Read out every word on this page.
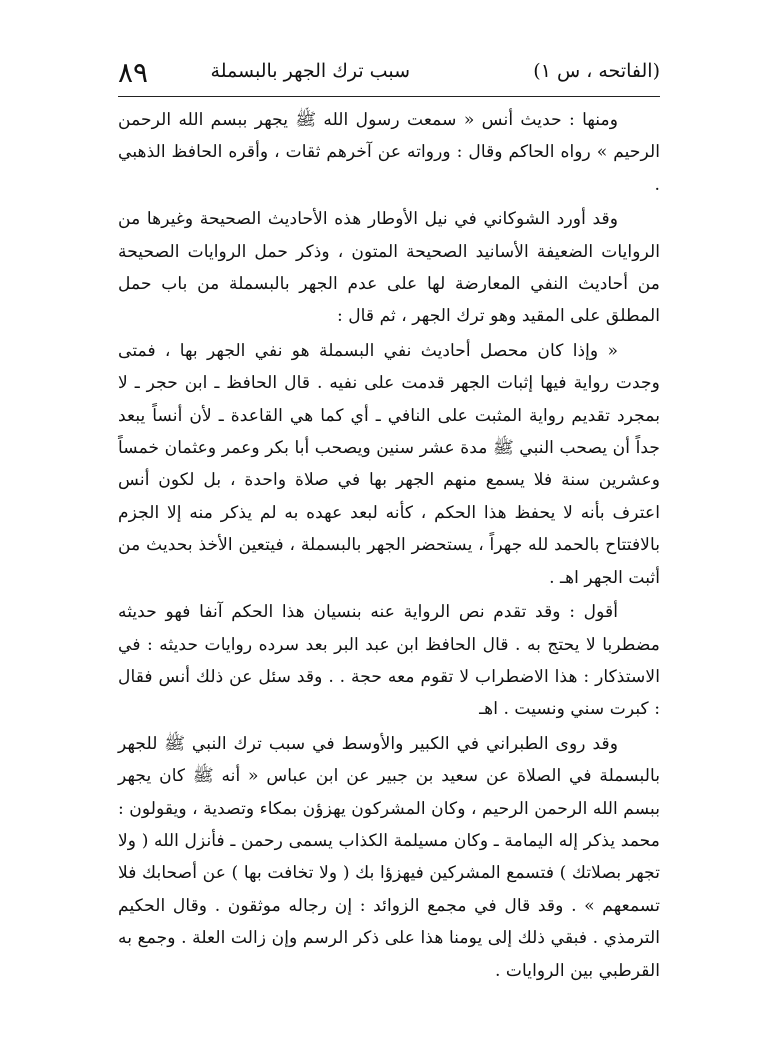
(الفاتحه ، س ١)
سبب ترك الجهر بالبسملة
٨٩

ومنها : حديث أنس « سمعت رسول الله ﷺ يجهر ببسم الله الرحمن الرحيم » رواه الحاكم وقال : ورواته عن آخرهم ثقات ، وأقره الحافظ الذهبي .

وقد أورد الشوكاني في نيل الأوطار هذه الأحاديث الصحيحة وغيرها من الروايات الضعيفة الأسانيد الصحيحة المتون ، وذكر حمل الروايات الصحيحة من أحاديث النفي المعارضة لها على عدم الجهر بالبسملة من باب حمل المطلق على المقيد وهو ترك الجهر ، ثم قال :

« وإذا كان محصل أحاديث نفي البسملة هو نفي الجهر بها ، فمتى وجدت رواية فيها إثبات الجهر قدمت على نفيه . قال الحافظ ـ ابن حجر ـ لا بمجرد تقديم رواية المثبت على النافي ـ أي كما هي القاعدة ـ لأن أنساً يبعد جداً أن يصحب النبي ﷺ مدة عشر سنين ويصحب أبا بكر وعمر وعثمان خمساً وعشرين سنة فلا يسمع منهم الجهر بها في صلاة واحدة ، بل لكون أنس اعترف بأنه لا يحفظ هذا الحكم ، كأنه لبعد عهده به لم يذكر منه إلا الجزم بالافتتاح بالحمد لله جهراً ، يستحضر الجهر بالبسملة ، فيتعين الأخذ بحديث من أثبت الجهر اهـ .

أقول : وقد تقدم نص الرواية عنه بنسيان هذا الحكم آنفا فهو حديثه مضطربا لا يحتج به . قال الحافظ ابن عبد البر بعد سرده روايات حديثه : في الاستذكار : هذا الاضطراب لا تقوم معه حجة . . وقد سئل عن ذلك أنس فقال : كبرت سني ونسيت . اهـ

وقد روى الطبراني في الكبير والأوسط في سبب ترك النبي ﷺ للجهر بالبسملة في الصلاة عن سعيد بن جبير عن ابن عباس « أنه ﷺ كان يجهر ببسم الله الرحمن الرحيم ، وكان المشركون يهزؤن بمكاء وتصدية ، ويقولون : محمد يذكر إله اليمامة ـ وكان مسيلمة الكذاب يسمى رحمن ـ فأنزل الله ( ولا تجهر بصلاتك ) فتسمع المشركين فيهزؤا بك ( ولا تخافت بها ) عن أصحابك فلا تسمعهم » . وقد قال في مجمع الزوائد : إن رجاله موثقون . وقال الحكيم الترمذي . فبقي ذلك إلى يومنا هذا على ذكر الرسم وإن زالت العلة . وجمع به القرطبي بين الروايات .
